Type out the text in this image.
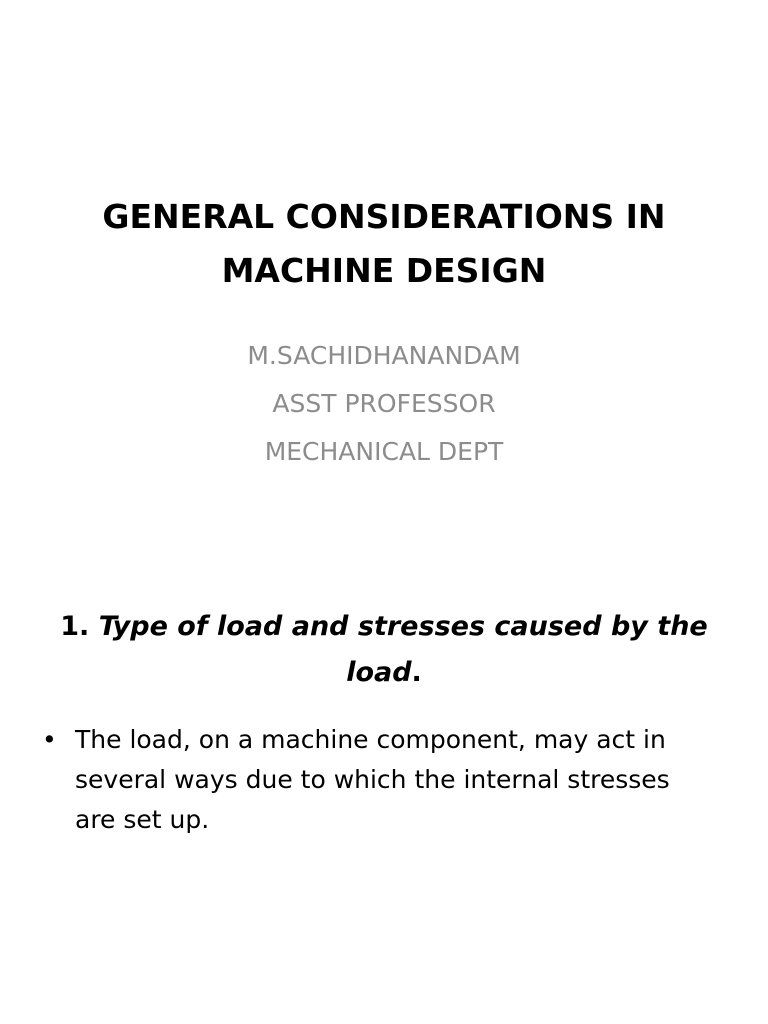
GENERAL CONSIDERATIONS IN
MACHINE DESIGN
M.SACHIDHANANDAM
ASST PROFESSOR
MECHANICAL DEPT
1. Type of load and stresses caused by the load.
• The load, on a machine component, may act in several ways due to which the internal stresses are set up.
